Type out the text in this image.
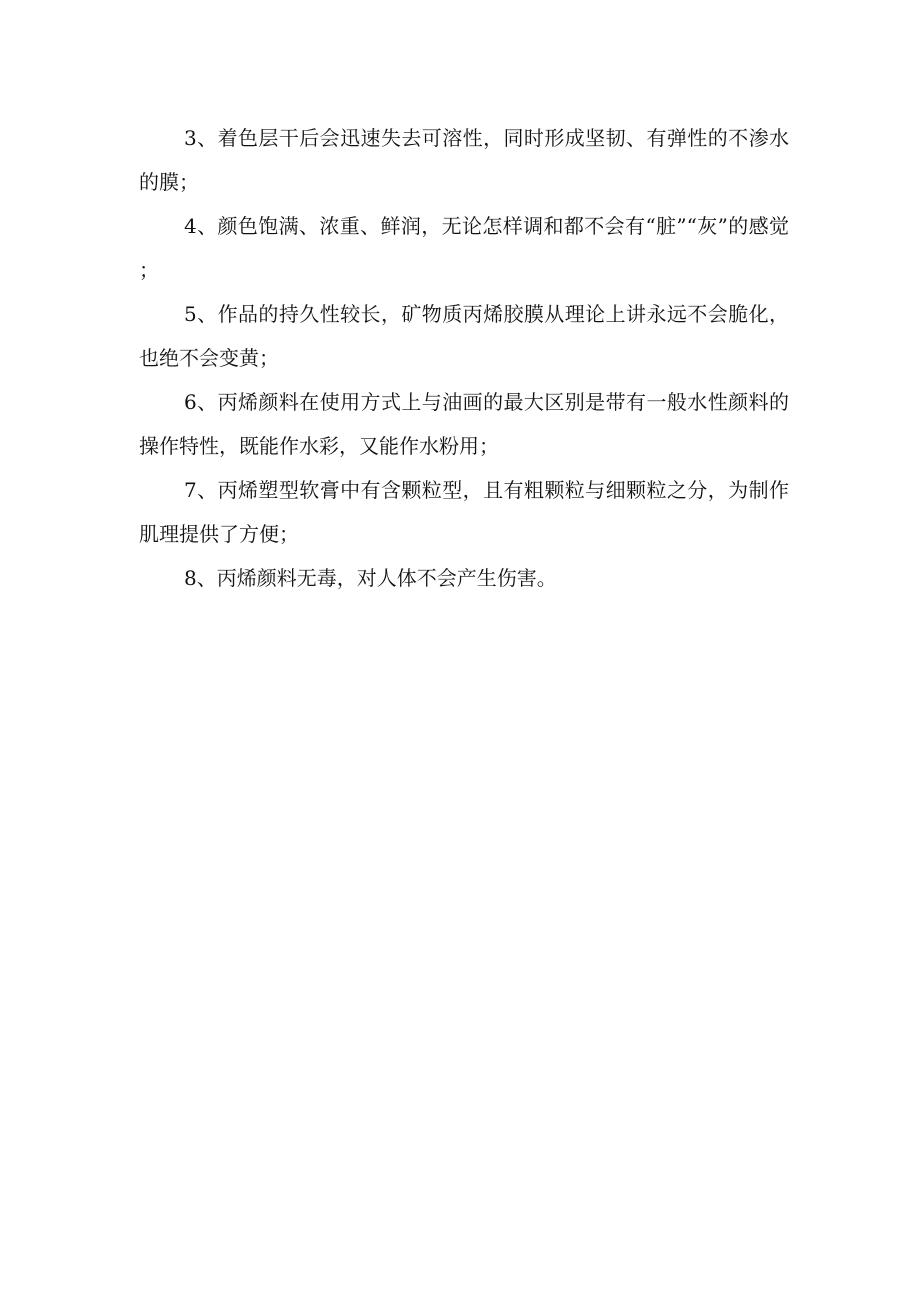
3、着色层干后会迅速失去可溶性，同时形成坚韧、有弹性的不渗水的膜；

4、颜色饱满、浓重、鲜润，无论怎样调和都不会有“脏”“灰”的感觉；

5、作品的持久性较长，矿物质丙烯胶膜从理论上讲永远不会脆化，也绝不会变黄；

6、丙烯颜料在使用方式上与油画的最大区别是带有一般水性颜料的操作特性，既能作水彩，又能作水粉用；

7、丙烯塑型软膏中有含颗粒型，且有粗颗粒与细颗粒之分，为制作肌理提供了方便；

8、丙烯颜料无毒，对人体不会产生伤害。
